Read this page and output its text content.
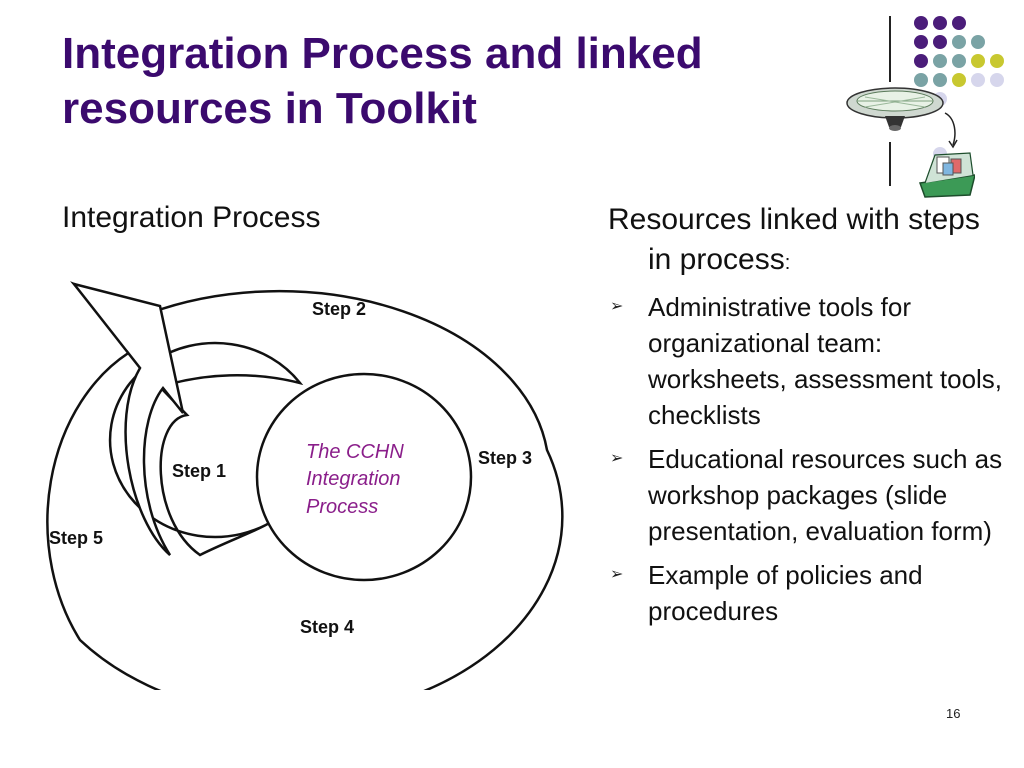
Integration Process and linked resources in Toolkit
Integration Process
The CCHN
Integration
Process
Step 1
Step 2
Step 3
Step 4
Step 5

Resources linked with steps in process:

➢ Administrative tools for organizational team: worksheets, assessment tools, checklists
➢ Educational resources such as workshop packages (slide presentation, evaluation form)
➢ Example of policies and procedures
16
